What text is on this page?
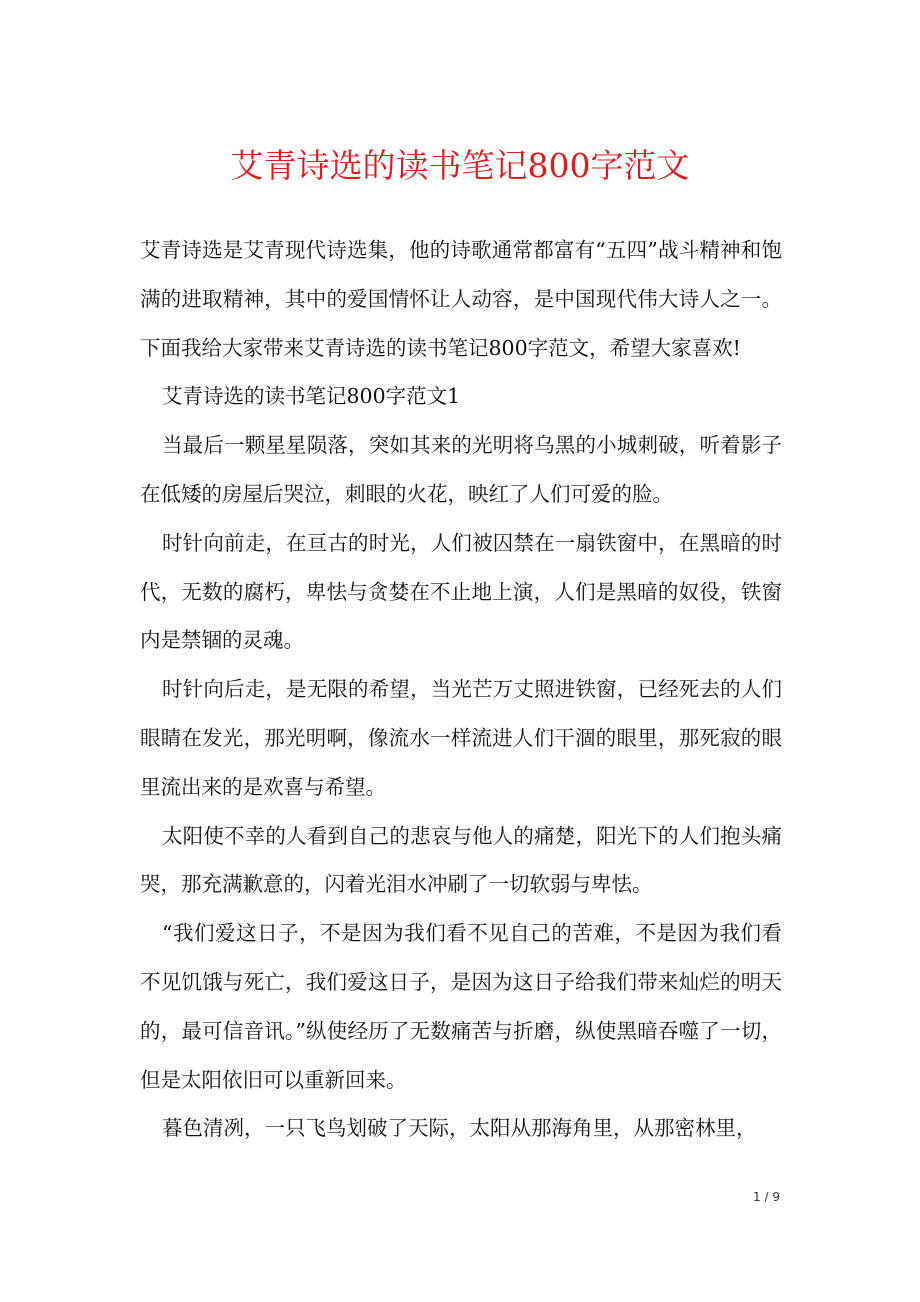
艾青诗选的读书笔记800字范文

艾青诗选是艾青现代诗选集，他的诗歌通常都富有“五四”战斗精神和饱满的进取精神，其中的爱国情怀让人动容，是中国现代伟大诗人之一。下面我给大家带来艾青诗选的读书笔记800字范文，希望大家喜欢!

艾青诗选的读书笔记800字范文1

当最后一颗星星陨落，突如其来的光明将乌黑的小城刺破，听着影子在低矮的房屋后哭泣，刺眼的火花，映红了人们可爱的脸。

时针向前走，在亘古的时光，人们被囚禁在一扇铁窗中，在黑暗的时代，无数的腐朽，卑怯与贪婪在不止地上演，人们是黑暗的奴役，铁窗内是禁锢的灵魂。

时针向后走，是无限的希望，当光芒万丈照进铁窗，已经死去的人们眼睛在发光，那光明啊，像流水一样流进人们干涸的眼里，那死寂的眼里流出来的是欢喜与希望。

太阳使不幸的人看到自己的悲哀与他人的痛楚，阳光下的人们抱头痛哭，那充满歉意的，闪着光泪水冲刷了一切软弱与卑怯。

“我们爱这日子，不是因为我们看不见自己的苦难，不是因为我们看不见饥饿与死亡，我们爱这日子，是因为这日子给我们带来灿烂的明天的，最可信音讯。”纵使经历了无数痛苦与折磨，纵使黑暗吞噬了一切，但是太阳依旧可以重新回来。

暮色清冽，一只飞鸟划破了天际，太阳从那海角里，从那密林里，

1 / 9
